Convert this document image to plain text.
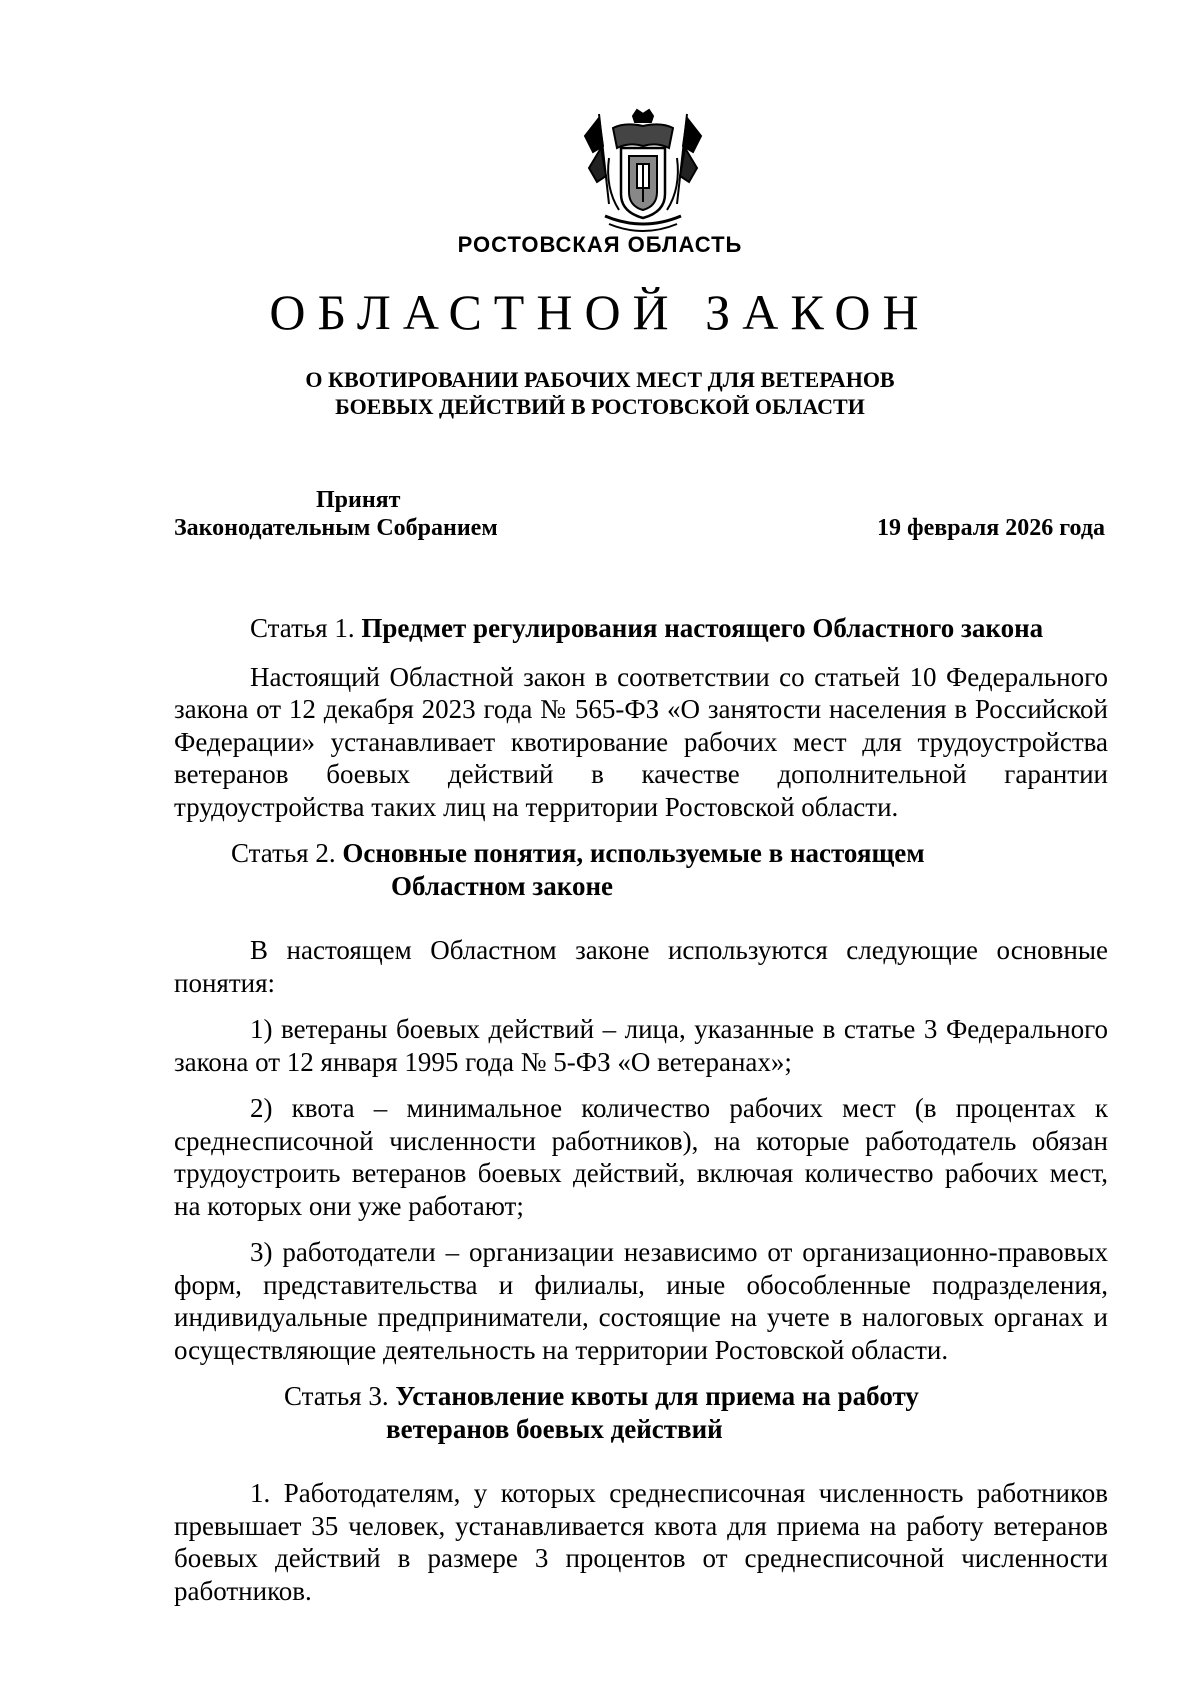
РОСТОВСКАЯ ОБЛАСТЬ
ОБЛАСТНОЙ ЗАКОН
О КВОТИРОВАНИИ РАБОЧИХ МЕСТ ДЛЯ ВЕТЕРАНОВ
БОЕВЫХ ДЕЙСТВИЙ В РОСТОВСКОЙ ОБЛАСТИ
Принят
Законодательным Собранием	19 февраля 2026 года
Статья 1. Предмет регулирования настоящего Областного закона

Настоящий Областной закон в соответствии со статьей 10 Федерального закона от 12 декабря 2023 года № 565-ФЗ «О занятости населения в Российской Федерации» устанавливает квотирование рабочих мест для трудоустройства ветеранов боевых действий в качестве дополнительной гарантии трудоустройства таких лиц на территории Ростовской области.

Статья 2. Основные понятия, используемые в настоящем
Областном законе

В настоящем Областном законе используются следующие основные понятия:

1) ветераны боевых действий – лица, указанные в статье 3 Федерального закона от 12 января 1995 года № 5-ФЗ «О ветеранах»;

2) квота – минимальное количество рабочих мест (в процентах к среднесписочной численности работников), на которые работодатель обязан трудоустроить ветеранов боевых действий, включая количество рабочих мест, на которых они уже работают;

3) работодатели – организации независимо от организационно-правовых форм, представительства и филиалы, иные обособленные подразделения, индивидуальные предприниматели, состоящие на учете в налоговых органах и осуществляющие деятельность на территории Ростовской области.

Статья 3. Установление квоты для приема на работу
ветеранов боевых действий

1. Работодателям, у которых среднесписочная численность работников превышает 35 человек, устанавливается квота для приема на работу ветеранов боевых действий в размере 3 процентов от среднесписочной численности работников.
